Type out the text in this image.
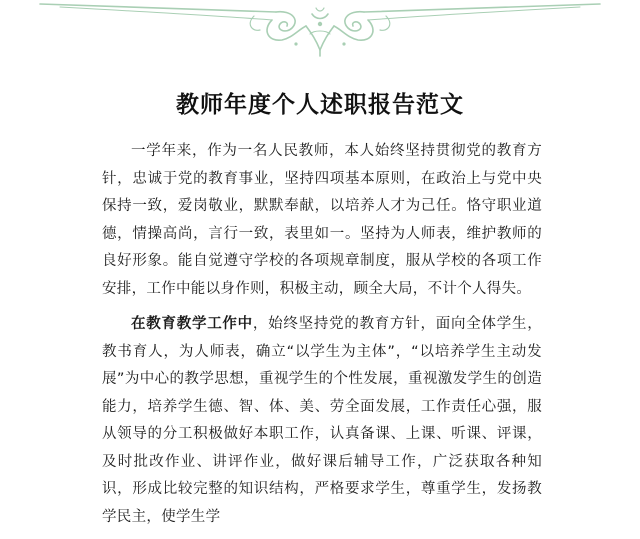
教师年度个人述职报告范文

一学年来，作为一名人民教师，本人始终坚持贯彻党的教育方针，忠诚于党的教育事业，坚持四项基本原则，在政治上与党中央保持一致，爱岗敬业，默默奉献，以培养人才为己任。恪守职业道德，情操高尚，言行一致，表里如一。坚持为人师表，维护教师的良好形象。能自觉遵守学校的各项规章制度，服从学校的各项工作安排，工作中能以身作则，积极主动，顾全大局，不计个人得失。

在教育教学工作中，始终坚持党的教育方针，面向全体学生，教书育人，为人师表，确立“以学生为主体”，“以培养学生主动发展”为中心的教学思想，重视学生的个性发展，重视激发学生的创造能力，培养学生德、智、体、美、劳全面发展，工作责任心强，服从领导的分工积极做好本职工作，认真备课、上课、听课、评课，及时批改作业、讲评作业，做好课后辅导工作，广泛获取各种知识，形成比较完整的知识结构，严格要求学生，尊重学生，发扬教学民主，使学生学
